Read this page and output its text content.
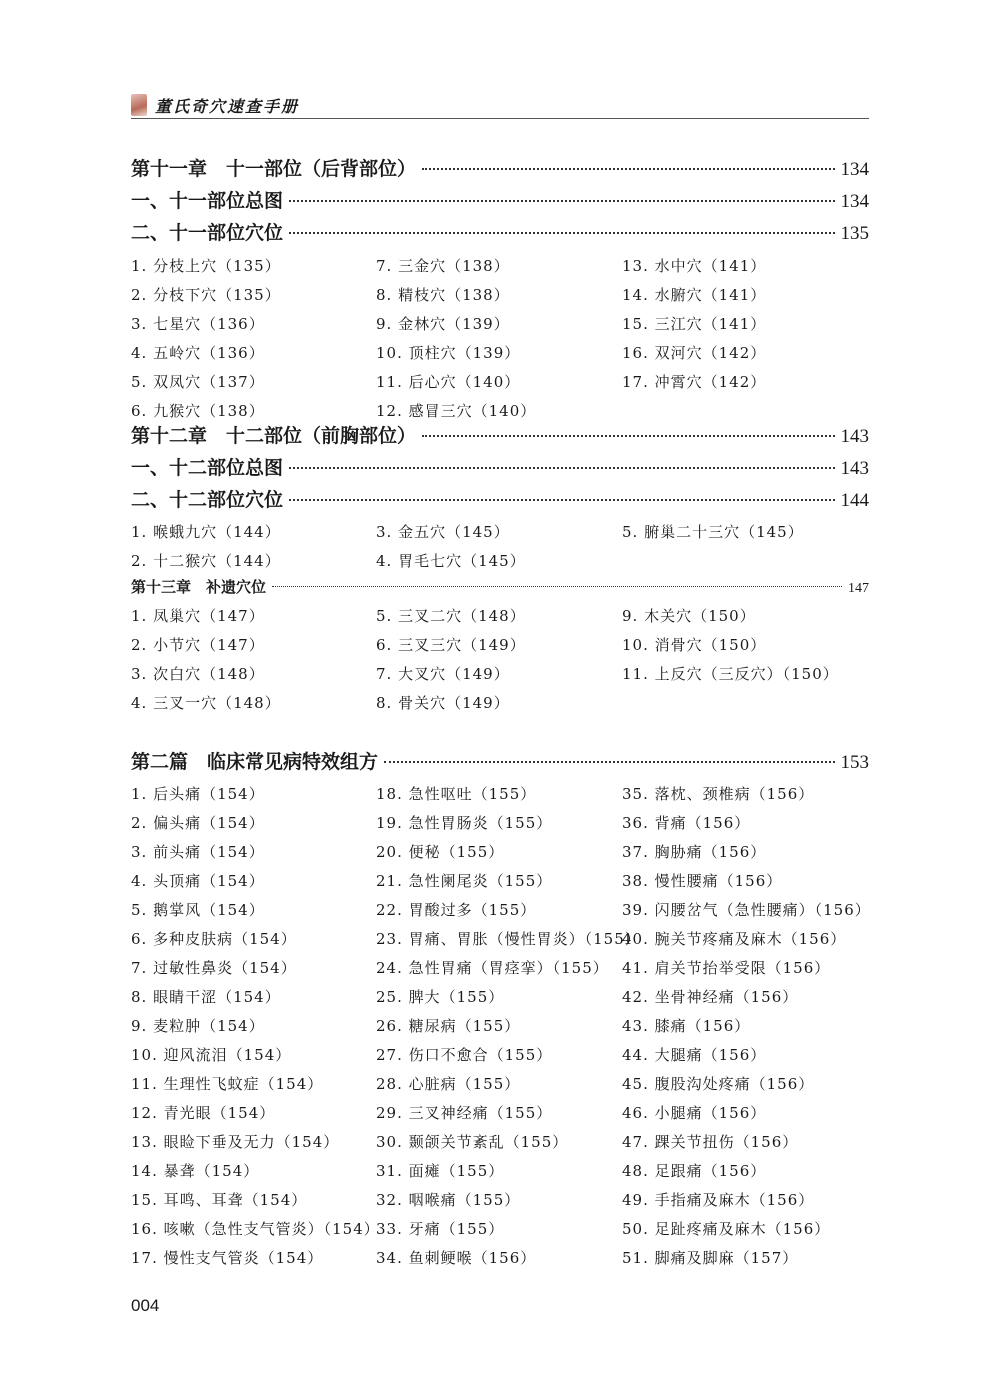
董氏奇穴速查手册
第十一章　十一部位（后背部位）	134
一、十一部位总图	134
二、十一部位穴位	135
1. 分枝上穴（135）
2. 分枝下穴（135）
3. 七星穴（136）
4. 五岭穴（136）
5. 双凤穴（137）
6. 九猴穴（138）
7. 三金穴（138）
8. 精枝穴（138）
9. 金林穴（139）
10. 顶柱穴（139）
11. 后心穴（140）
12. 感冒三穴（140）
13. 水中穴（141）
14. 水腑穴（141）
15. 三江穴（141）
16. 双河穴（142）
17. 冲霄穴（142）
第十二章　十二部位（前胸部位）	143
一、十二部位总图	143
二、十二部位穴位	144
1. 喉蛾九穴（144）
2. 十二猴穴（144）
3. 金五穴（145）
4. 胃毛七穴（145）
5. 腑巢二十三穴（145）
第十三章　补遗穴位	147
1. 凤巢穴（147）
2. 小节穴（147）
3. 次白穴（148）
4. 三叉一穴（148）
5. 三叉二穴（148）
6. 三叉三穴（149）
7. 大叉穴（149）
8. 骨关穴（149）
9. 木关穴（150）
10. 消骨穴（150）
11. 上反穴（三反穴）（150）
第二篇　临床常见病特效组方	153
1. 后头痛（154）
2. 偏头痛（154）
3. 前头痛（154）
4. 头顶痛（154）
5. 鹅掌风（154）
6. 多种皮肤病（154）
7. 过敏性鼻炎（154）
8. 眼睛干涩（154）
9. 麦粒肿（154）
10. 迎风流泪（154）
11. 生理性飞蚊症（154）
12. 青光眼（154）
13. 眼睑下垂及无力（154）
14. 暴聋（154）
15. 耳鸣、耳聋（154）
16. 咳嗽（急性支气管炎）（154）
17. 慢性支气管炎（154）
18. 急性呕吐（155）
19. 急性胃肠炎（155）
20. 便秘（155）
21. 急性阑尾炎（155）
22. 胃酸过多（155）
23. 胃痛、胃胀（慢性胃炎）（155）
24. 急性胃痛（胃痉挛）（155）
25. 脾大（155）
26. 糖尿病（155）
27. 伤口不愈合（155）
28. 心脏病（155）
29. 三叉神经痛（155）
30. 颞颌关节紊乱（155）
31. 面瘫（155）
32. 咽喉痛（155）
33. 牙痛（155）
34. 鱼刺鲠喉（156）
35. 落枕、颈椎病（156）
36. 背痛（156）
37. 胸胁痛（156）
38. 慢性腰痛（156）
39. 闪腰岔气（急性腰痛）（156）
40. 腕关节疼痛及麻木（156）
41. 肩关节抬举受限（156）
42. 坐骨神经痛（156）
43. 膝痛（156）
44. 大腿痛（156）
45. 腹股沟处疼痛（156）
46. 小腿痛（156）
47. 踝关节扭伤（156）
48. 足跟痛（156）
49. 手指痛及麻木（156）
50. 足趾疼痛及麻木（156）
51. 脚痛及脚麻（157）
004
